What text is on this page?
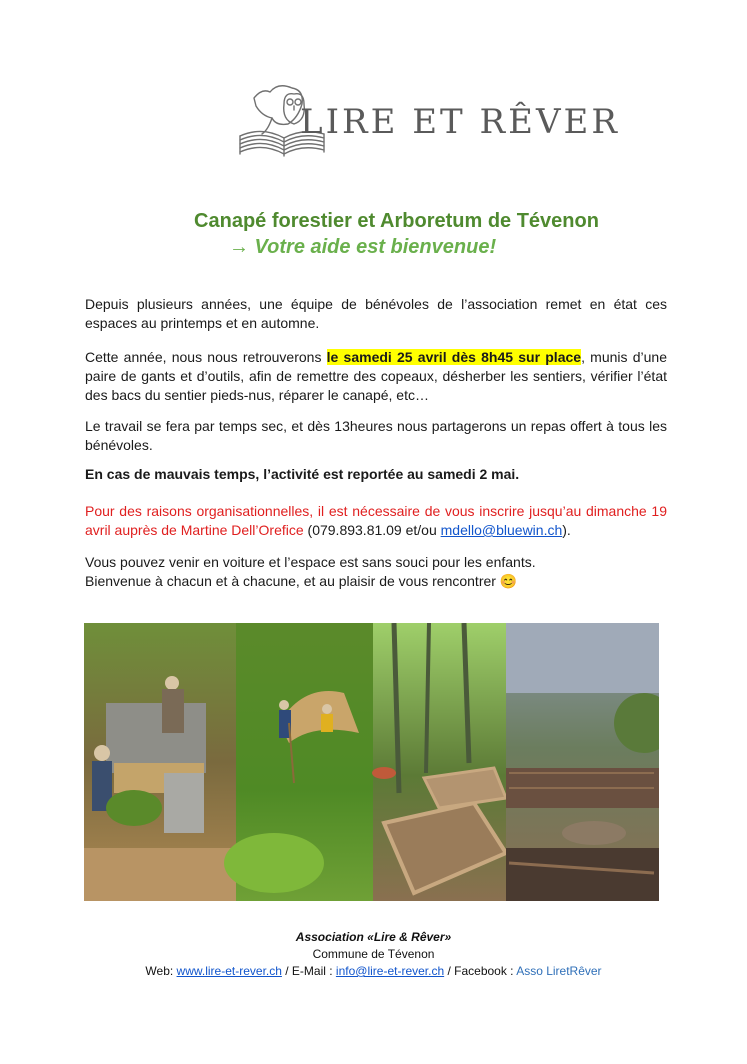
LIRE ET RÊVER
Canapé forestier et Arboretum de Tévenon
→ Votre aide est bienvenue!
Depuis plusieurs années, une équipe de bénévoles de l’association remet en état ces espaces au printemps et en automne.
Cette année, nous nous retrouverons le samedi 25 avril dès 8h45 sur place, munis d’une paire de gants et d’outils, afin de remettre des copeaux, désherber les sentiers, vérifier l’état des bacs du sentier pieds-nus, réparer le canapé, etc…
Le travail se fera par temps sec, et dès 13heures nous partagerons un repas offert à tous les bénévoles.
En cas de mauvais temps, l’activité est reportée au samedi 2 mai.
Pour des raisons organisationnelles, il est nécessaire de vous inscrire jusqu’au dimanche 19 avril auprès de Martine Dell’Orefice (079.893.81.09 et/ou mdello@bluewin.ch).
Vous pouvez venir en voiture et l’espace est sans souci pour les enfants.
Bienvenue à chacun et à chacune, et au plaisir de vous rencontrer 😊
Association «Lire & Rêver»
Commune de Tévenon
Web: www.lire-et-rever.ch / E-Mail : info@lire-et-rever.ch / Facebook : Asso LiretRêver
